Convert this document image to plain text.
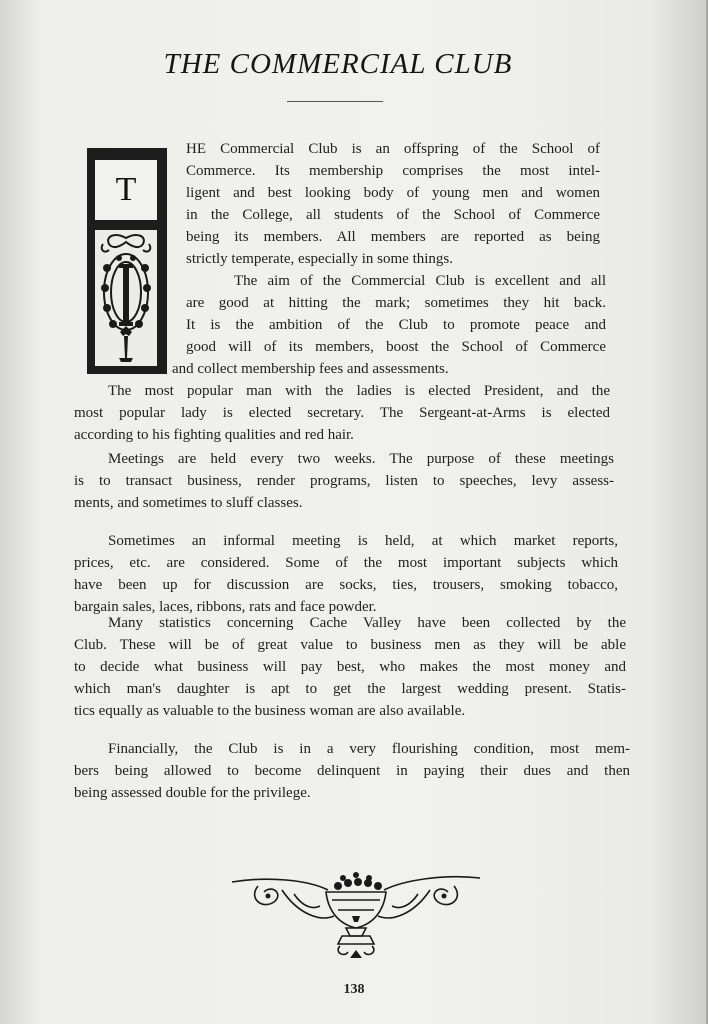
THE COMMERCIAL CLUB
T

HE Commercial Club is an offspring of the School of
Commerce. Its membership comprises the most intel-
ligent and best looking body of young men and women
in the College, all students of the School of Commerce
being its members. All members are reported as being
strictly temperate, especially in some things.

The aim of the Commercial Club is excellent and all

are good at hitting the mark; sometimes they hit back.
It is the ambition of the Club to promote peace and
good will of its members, boost the School of Commerce

and collect membership fees and assessments.

The most popular man with the ladies is elected President, and the
most popular lady is elected secretary. The Sergeant-at-Arms is elected
according to his fighting qualities and red hair.

Meetings are held every two weeks. The purpose of these meetings
is to transact business, render programs, listen to speeches, levy assess-
ments, and sometimes to sluff classes.

Sometimes an informal meeting is held, at which market reports,
prices, etc. are considered. Some of the most important subjects which
have been up for discussion are socks, ties, trousers, smoking tobacco,
bargain sales, laces, ribbons, rats and face powder.

Many statistics concerning Cache Valley have been collected by the
Club. These will be of great value to business men as they will be able
to decide what business will pay best, who makes the most money and
which man's daughter is apt to get the largest wedding present. Statis-
tics equally as valuable to the business woman are also available.

Financially, the Club is in a very flourishing condition, most mem-
bers being allowed to become delinquent in paying their dues and then
being assessed double for the privilege.

138
